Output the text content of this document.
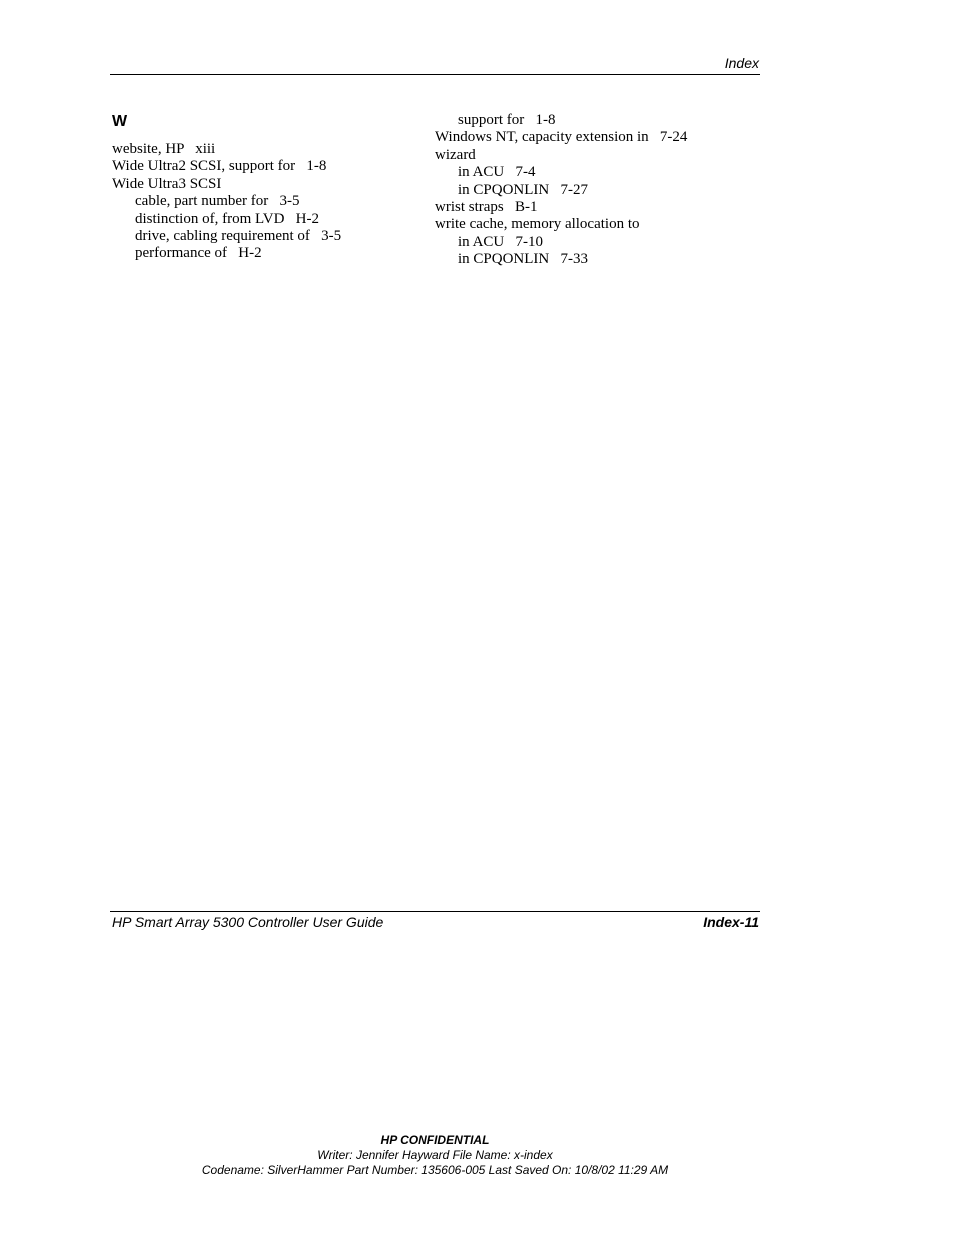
Index
W
website, HP   xiii
Wide Ultra2 SCSI, support for   1-8
Wide Ultra3 SCSI
cable, part number for   3-5
distinction of, from LVD   H-2
drive, cabling requirement of   3-5
performance of   H-2
support for   1-8
Windows NT, capacity extension in   7-24
wizard
in ACU   7-4
in CPQONLIN   7-27
wrist straps   B-1
write cache, memory allocation to
in ACU   7-10
in CPQONLIN   7-33
HP Smart Array 5300 Controller User Guide	Index-11
HP CONFIDENTIAL
Writer: Jennifer Hayward File Name: x-index
Codename: SilverHammer Part Number: 135606-005 Last Saved On: 10/8/02 11:29 AM
